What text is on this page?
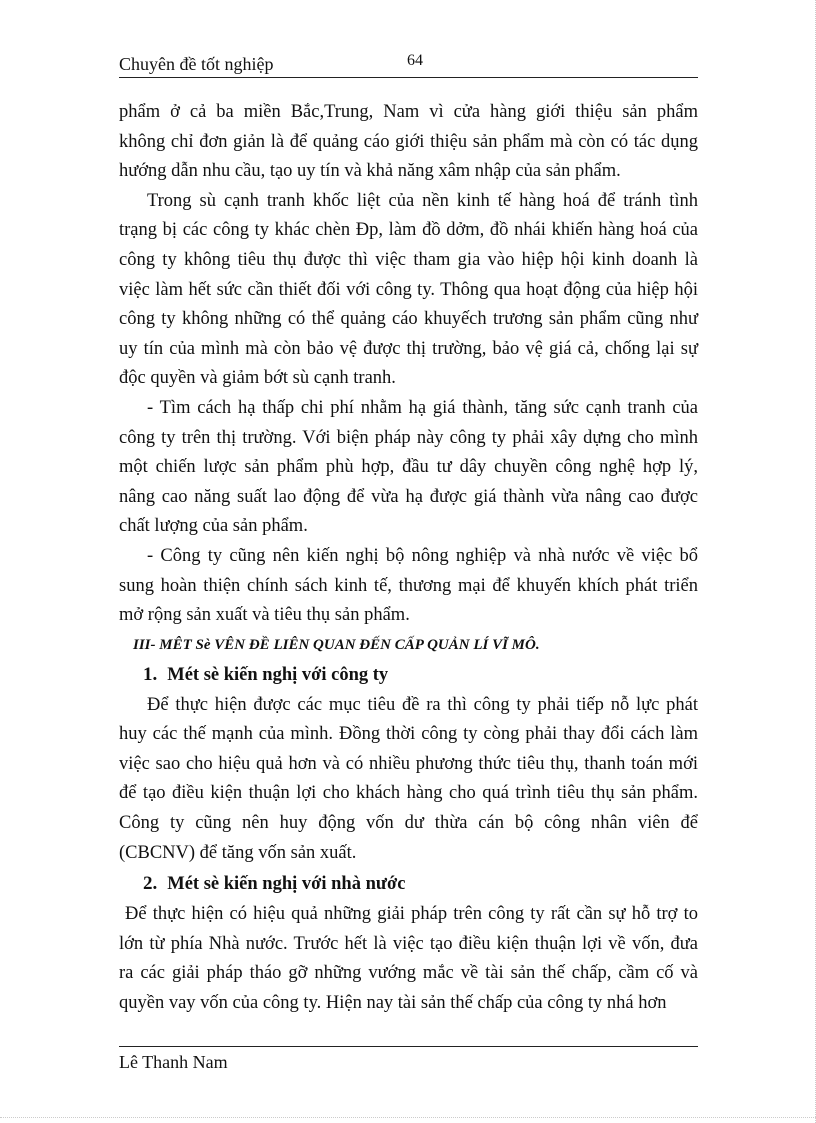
Chuyên đề tốt nghiệp	64

phẩm ở cả ba miền Bắc,Trung, Nam vì cửa hàng giới thiệu sản phẩm
không chỉ đơn giản là để quảng cáo giới thiệu sản phẩm mà còn có tác dụng
hướng dẫn nhu cầu, tạo uy tín và khả năng xâm nhập của sản phẩm.

Trong sù cạnh tranh khốc liệt của nền kinh tế hàng hoá để tránh tình
trạng bị các công ty khác chèn Đp, làm đồ dởm, đồ nhái khiến hàng hoá của
công ty không tiêu thụ được thì việc tham gia vào hiệp hội kinh doanh là
việc làm hết sức cần thiết đối với công ty. Thông qua hoạt động của hiệp hội
công ty không những có thể quảng cáo khuyếch trương sản phẩm cũng như
uy tín của mình mà còn bảo vệ được thị trường, bảo vệ giá cả, chống lại sự
độc quyền và giảm bớt sù cạnh tranh.

- Tìm cách hạ thấp chi phí nhằm hạ giá thành, tăng sức cạnh tranh của
công ty trên thị trường. Với biện pháp này công ty phải xây dựng cho mình
một chiến lược sản phẩm phù hợp, đầu tư dây chuyền công nghệ hợp lý,
nâng cao năng suất lao động để vừa hạ được giá thành vừa nâng cao được
chất lượng của sản phẩm.

- Công ty cũng nên kiến nghị bộ nông nghiệp và nhà nước về việc bổ
sung hoàn thiện chính sách kinh tế, thương mại để khuyến khích phát triển
mở rộng sản xuất và tiêu thụ sản phẩm.

III- MÊT Sè VÊN ĐỀ LIÊN QUAN ĐẾN CẤP QUẢN LÍ VĨ MÔ.

1. Mét sè kiến nghị với công ty

Để thực hiện được các mục tiêu đề ra thì công ty phải tiếp nỗ lực phát
huy các thế mạnh của mình. Đồng thời công ty còng phải thay đổi cách làm
việc sao cho hiệu quả hơn và có nhiều phương thức tiêu thụ, thanh toán mới
để tạo điều kiện thuận lợi cho khách hàng cho quá trình tiêu thụ sản phẩm.
Công ty cũng nên huy động vốn dư thừa cán bộ công nhân viên để
(CBCNV) để tăng vốn sản xuất.

2. Mét sè kiến nghị với nhà nước

Để thực hiện có hiệu quả những giải pháp trên công ty rất cần sự hỗ trợ to
lớn từ phía Nhà nước. Trước hết là việc tạo điều kiện thuận lợi về vốn, đưa
ra các giải pháp tháo gỡ những vướng mắc về tài sản thế chấp, cầm cố và
quyền vay vốn của công ty. Hiện nay tài sản thế chấp của công ty nhá hơn

Lê Thanh Nam
